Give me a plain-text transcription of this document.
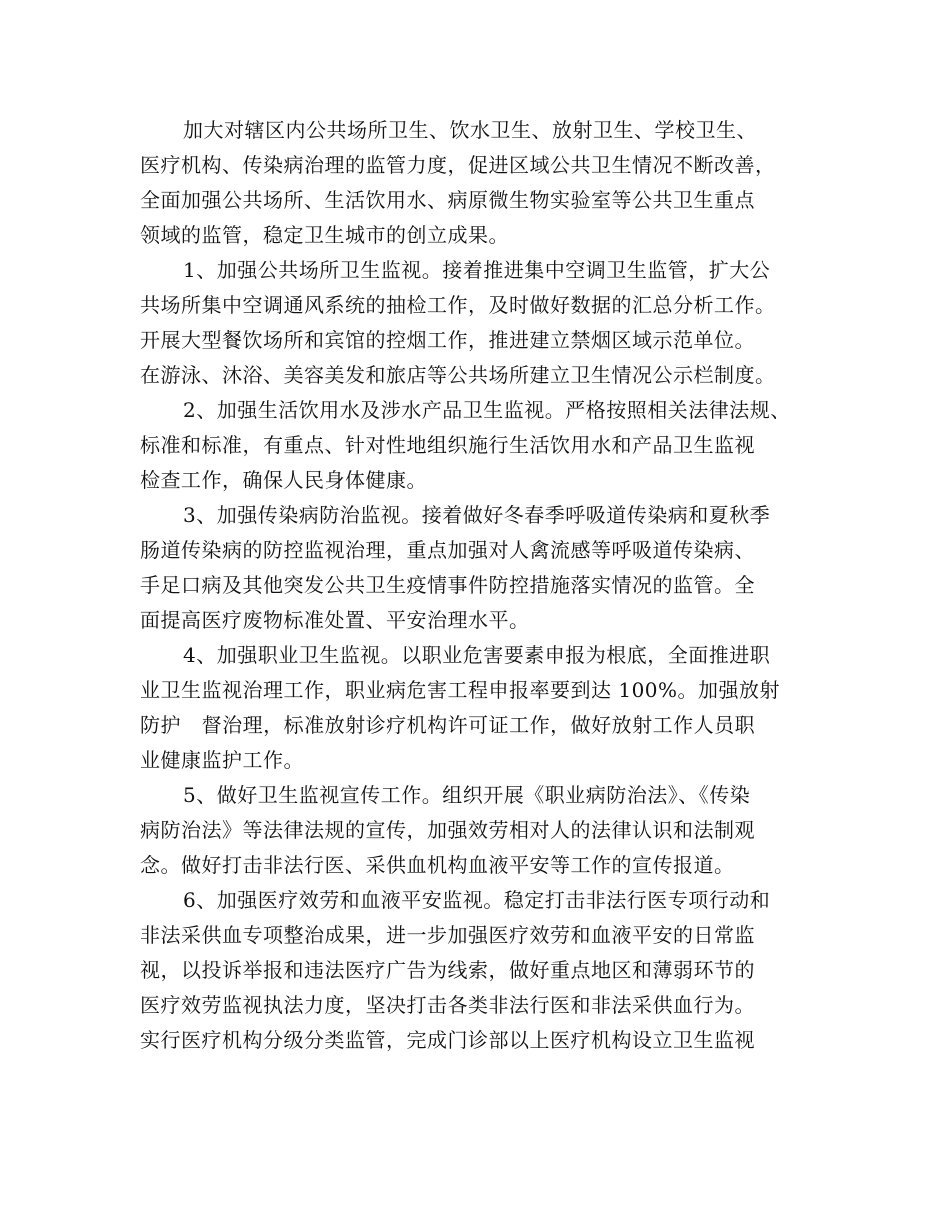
加大对辖区内公共场所卫生、饮水卫生、放射卫生、学校卫生、
医疗机构、传染病治理的监管力度，促进区域公共卫生情况不断改善，
全面加强公共场所、生活饮用水、病原微生物实验室等公共卫生重点
领域的监管，稳定卫生城市的创立成果。
1、加强公共场所卫生监视。接着推进集中空调卫生监管，扩大公
共场所集中空调通风系统的抽检工作，及时做好数据的汇总分析工作。
开展大型餐饮场所和宾馆的控烟工作，推进建立禁烟区域示范单位。
在游泳、沐浴、美容美发和旅店等公共场所建立卫生情况公示栏制度。
2、加强生活饮用水及涉水产品卫生监视。严格按照相关法律法规、
标准和标准，有重点、针对性地组织施行生活饮用水和产品卫生监视
检查工作，确保人民身体健康。
3、加强传染病防治监视。接着做好冬春季呼吸道传染病和夏秋季
肠道传染病的防控监视治理，重点加强对人禽流感等呼吸道传染病、
手足口病及其他突发公共卫生疫情事件防控措施落实情况的监管。全
面提高医疗废物标准处置、平安治理水平。
4、加强职业卫生监视。以职业危害要素申报为根底，全面推进职
业卫生监视治理工作，职业病危害工程申报率要到达 100%。加强放射
防护   督治理，标准放射诊疗机构许可证工作，做好放射工作人员职
业健康监护工作。
5、做好卫生监视宣传工作。组织开展《职业病防治法》、《传染
病防治法》等法律法规的宣传，加强效劳相对人的法律认识和法制观
念。做好打击非法行医、采供血机构血液平安等工作的宣传报道。
6、加强医疗效劳和血液平安监视。稳定打击非法行医专项行动和
非法采供血专项整治成果，进一步加强医疗效劳和血液平安的日常监
视，以投诉举报和违法医疗广告为线索，做好重点地区和薄弱环节的
医疗效劳监视执法力度，坚决打击各类非法行医和非法采供血行为。
实行医疗机构分级分类监管，完成门诊部以上医疗机构设立卫生监视
